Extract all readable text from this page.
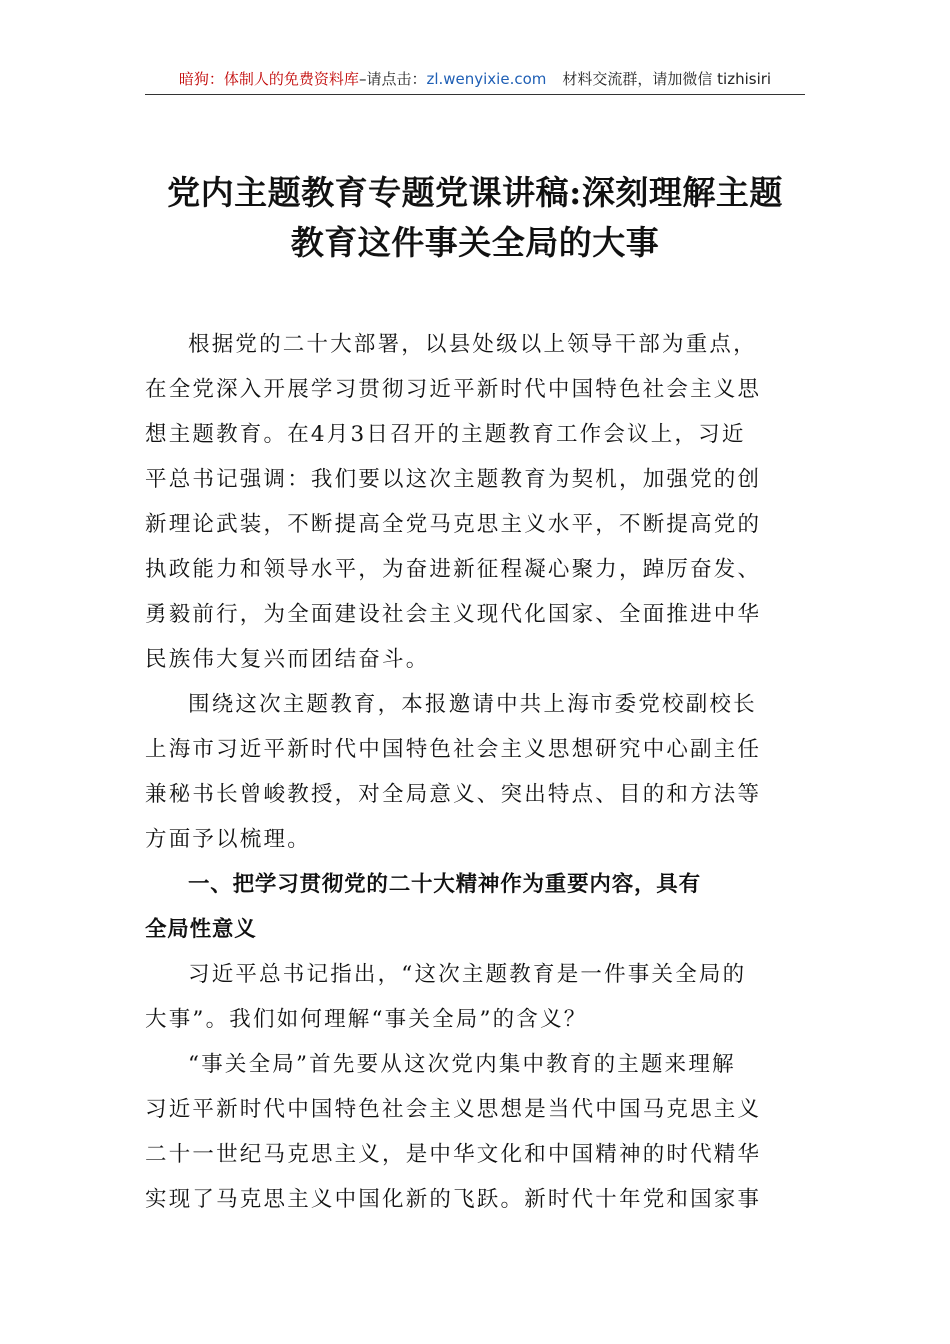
暗狗：体制人的免费资料库–请点击：zl.wenyixie.com 材料交流群，请加微信 tizhisiri
党内主题教育专题党课讲稿:深刻理解主题
教育这件事关全局的大事

根据党的二十大部署，以县处级以上领导干部为重点，
在全党深入开展学习贯彻习近平新时代中国特色社会主义思
想主题教育。在4月3日召开的主题教育工作会议上，习近
平总书记强调：我们要以这次主题教育为契机，加强党的创
新理论武装，不断提高全党马克思主义水平，不断提高党的
执政能力和领导水平，为奋进新征程凝心聚力，踔厉奋发、
勇毅前行，为全面建设社会主义现代化国家、全面推进中华
民族伟大复兴而团结奋斗。

围绕这次主题教育，本报邀请中共上海市委党校副校长
上海市习近平新时代中国特色社会主义思想研究中心副主任
兼秘书长曾峻教授，对全局意义、突出特点、目的和方法等
方面予以梳理。

一、把学习贯彻党的二十大精神作为重要内容，具有
全局性意义

习近平总书记指出，“这次主题教育是一件事关全局的
大事”。我们如何理解“事关全局”的含义？

“事关全局”首先要从这次党内集中教育的主题来理解
习近平新时代中国特色社会主义思想是当代中国马克思主义
二十一世纪马克思主义，是中华文化和中国精神的时代精华
实现了马克思主义中国化新的飞跃。新时代十年党和国家事
